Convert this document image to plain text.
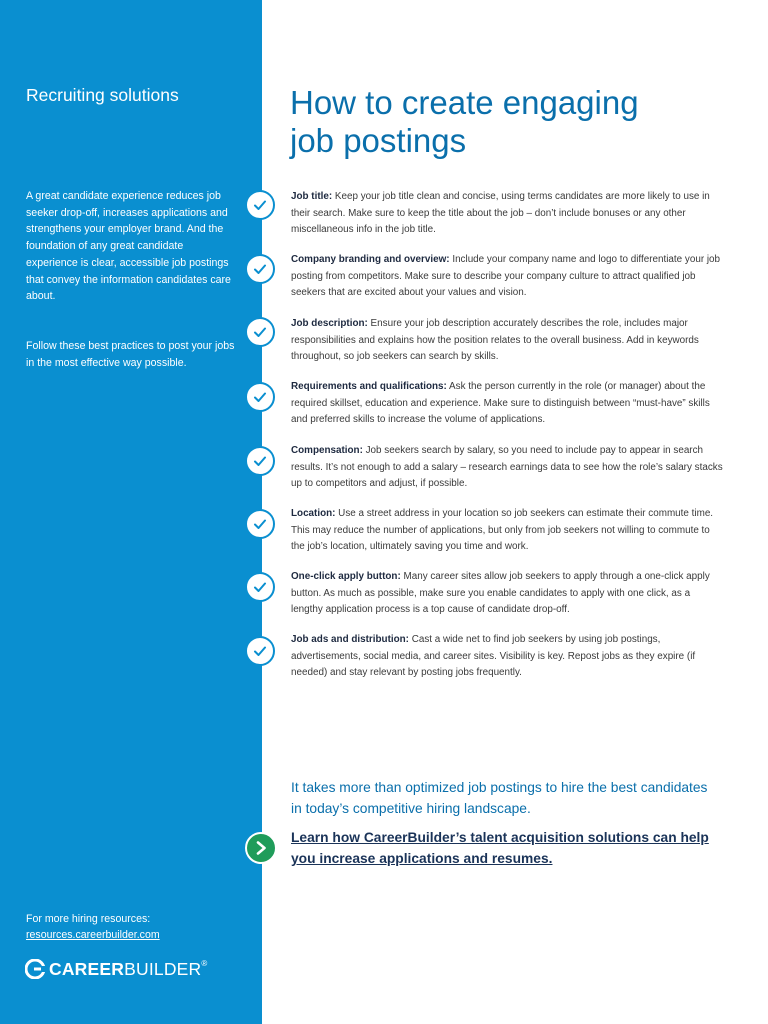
Recruiting solutions
A great candidate experience reduces job seeker drop-off, increases applications and strengthens your employer brand. And the foundation of any great candidate experience is clear, accessible job postings that convey the information candidates care about.
Follow these best practices to post your jobs in the most effective way possible.
For more hiring resources:
resources.careerbuilder.com
CAREERBUILDER®
How to create engaging
job postings
Job title: Keep your job title clean and concise, using terms candidates are more likely to use in their search. Make sure to keep the title about the job – don’t include bonuses or any other miscellaneous info in the job title.
Company branding and overview: Include your company name and logo to differentiate your job posting from competitors. Make sure to describe your company culture to attract qualified job seekers that are excited about your values and vision.
Job description: Ensure your job description accurately describes the role, includes major responsibilities and explains how the position relates to the overall business. Add in keywords throughout, so job seekers can search by skills.
Requirements and qualifications: Ask the person currently in the role (or manager) about the required skillset, education and experience. Make sure to distinguish between “must-have” skills and preferred skills to increase the volume of applications.
Compensation: Job seekers search by salary, so you need to include pay to appear in search results. It’s not enough to add a salary – research earnings data to see how the role’s salary stacks up to competitors and adjust, if possible.
Location: Use a street address in your location so job seekers can estimate their commute time. This may reduce the number of applications, but only from job seekers not willing to commute to the job’s location, ultimately saving you time and work.
One-click apply button: Many career sites allow job seekers to apply through a one-click apply button. As much as possible, make sure you enable candidates to apply with one click, as a lengthy application process is a top cause of candidate drop-off.
Job ads and distribution: Cast a wide net to find job seekers by using job postings, advertisements, social media, and career sites. Visibility is key. Repost jobs as they expire (if needed) and stay relevant by posting jobs frequently.
It takes more than optimized job postings to hire the best candidates in today’s competitive hiring landscape.
Learn how CareerBuilder’s talent acquisition solutions can help you increase applications and resumes.
